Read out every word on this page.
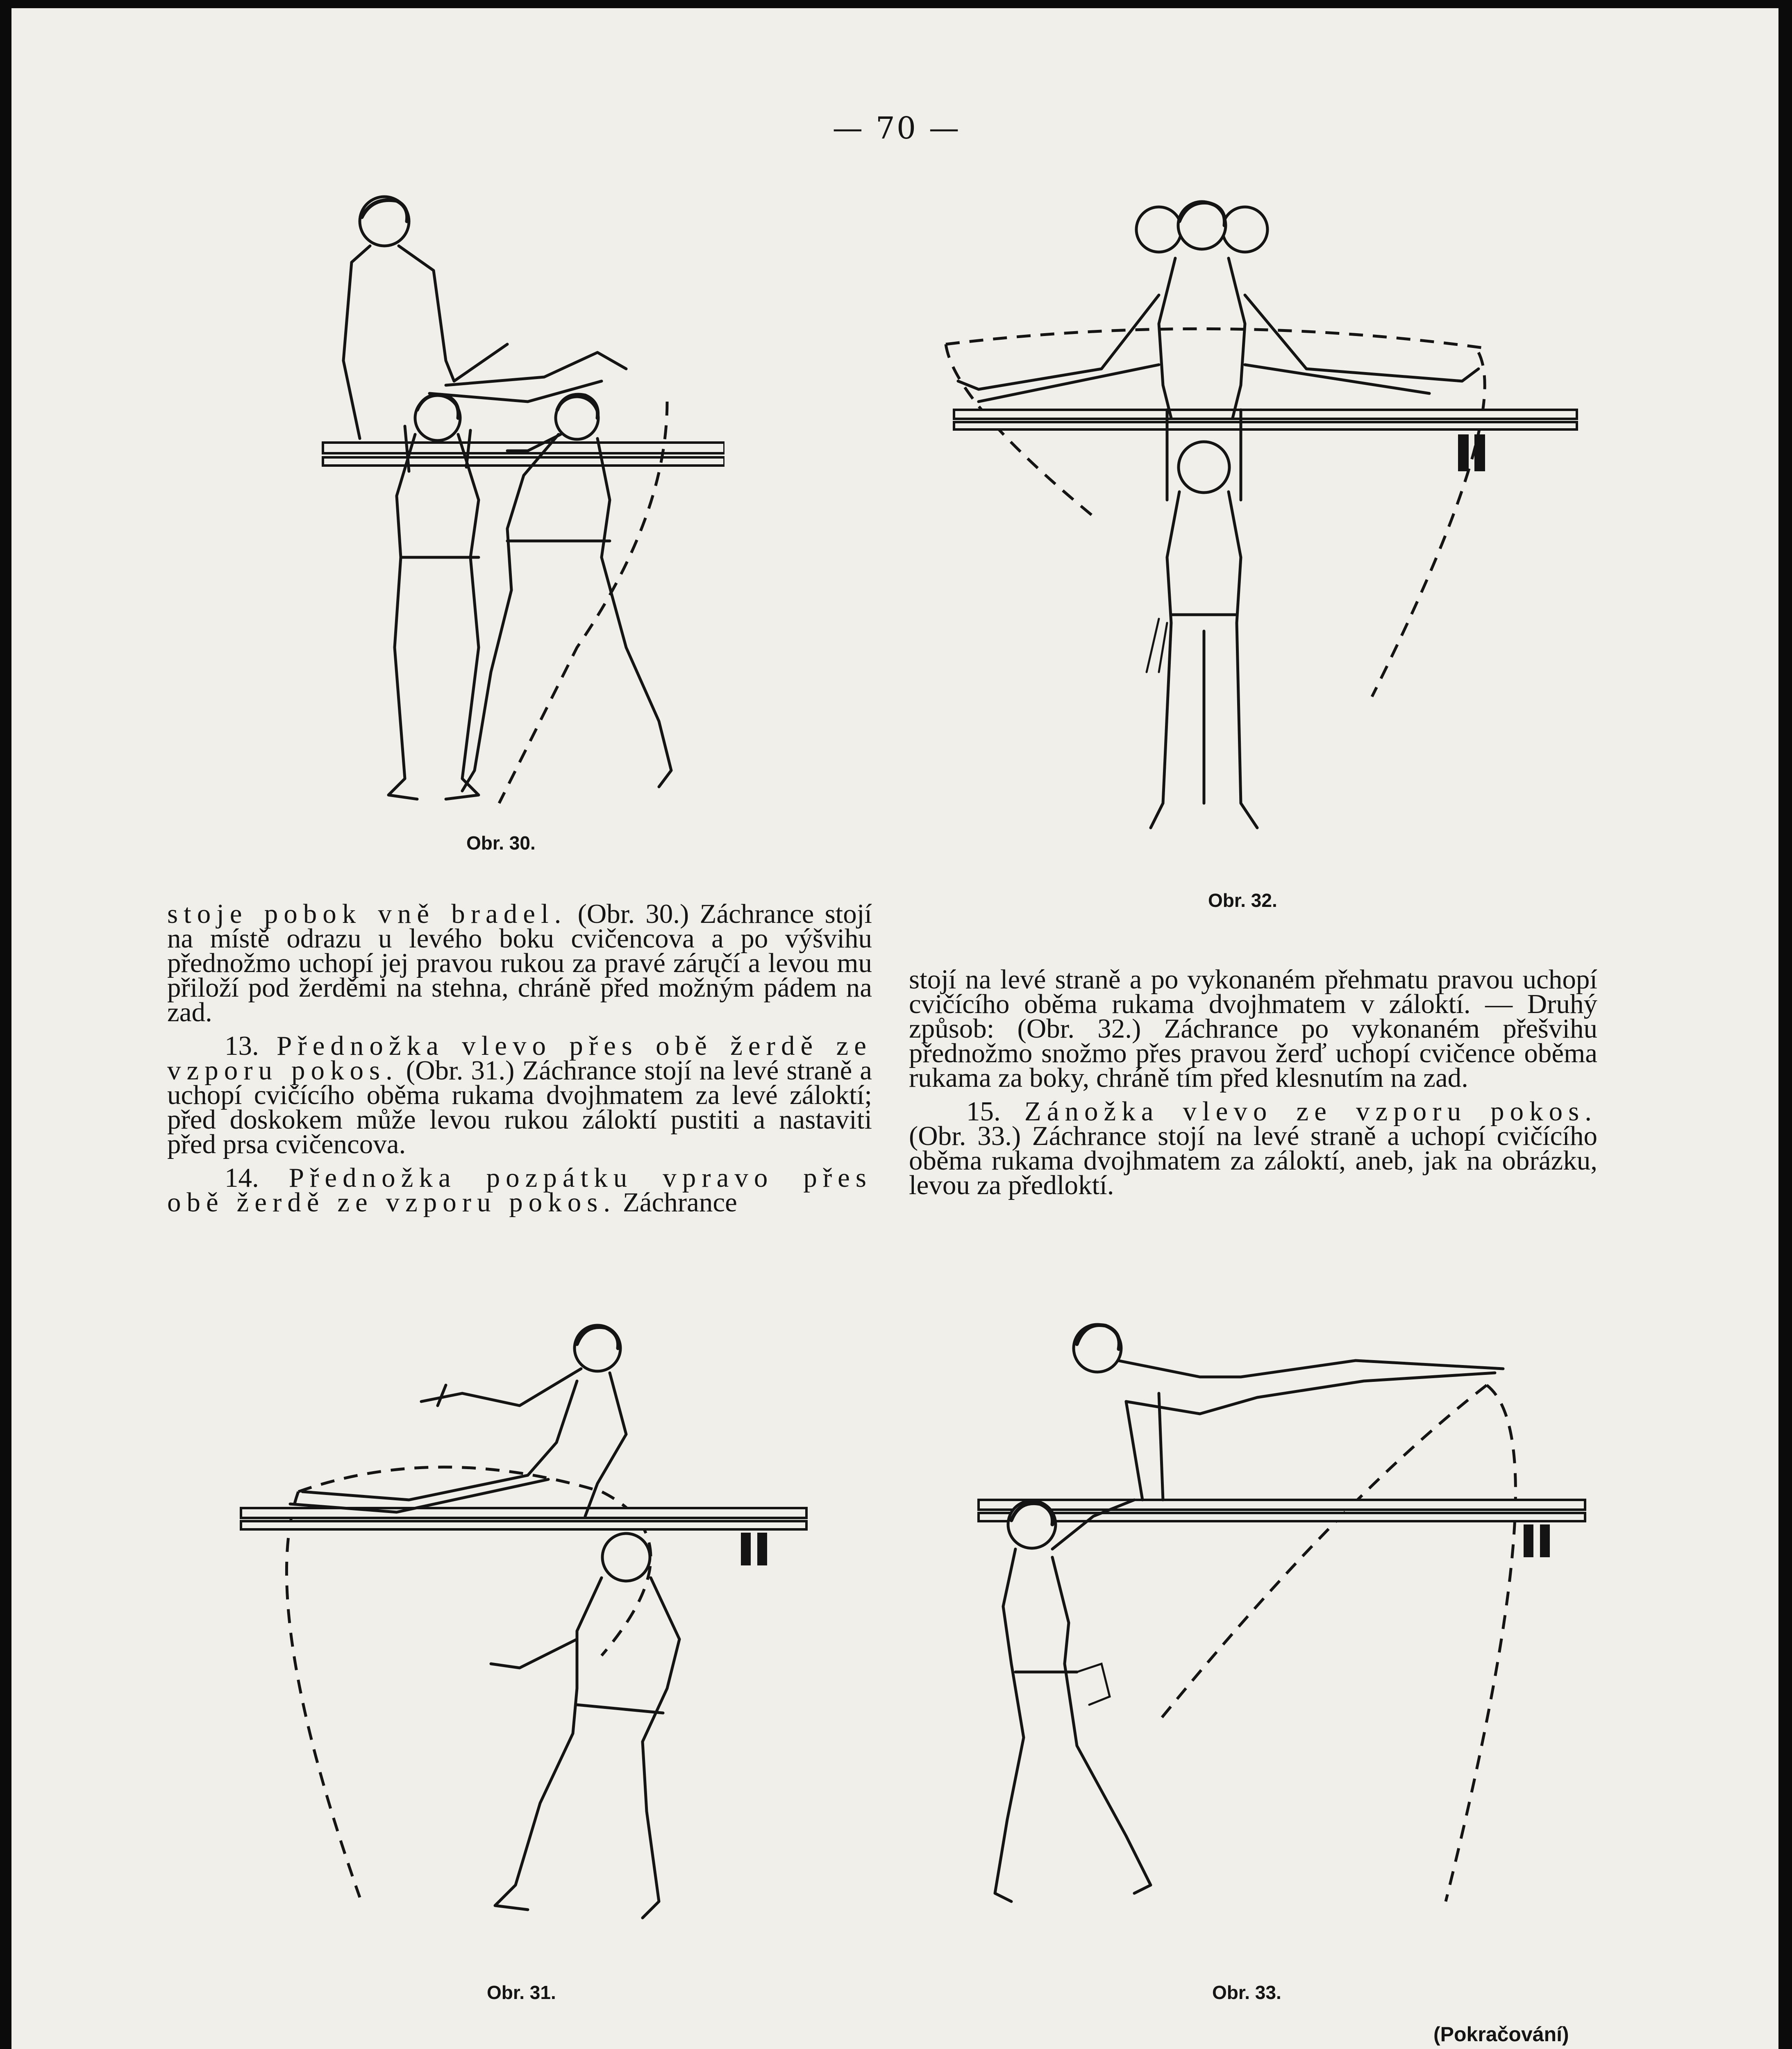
— 70 —
Obr. 30.
Obr. 32.

stoje pobok vně bradel. (Obr. 30.) Záchrance stojí na místě odrazu u levého boku cvičencova a po výšvihu přednožmo uchopí jej pravou rukou za pravé zárųčí a levou mu přiloží pod žerděmi na stehna, chráně před možným pádem na zad.

13. Přednožka vlevo přes obě žerdě ze vzporu pokos. (Obr. 31.) Záchrance stojí na levé straně a uchopí cvičícího oběma rukama dvojhmatem za levé záloktí; před doskokem může levou rukou záloktí pustiti a nastaviti před prsa cvičencova.

14. Přednožka pozpátku vpravo přes obě žerdě ze vzporu pokos. Záchrance

stojí na levé straně a po vykonaném přehmatu pravou uchopí cvičícího oběma rukama dvojhmatem v záloktí. — Druhý způsob: (Obr. 32.) Záchrance po vykonaném přešvihu přednožmo snožmo přes pravou žerď uchopí cvičence oběma rukama za boky, chráně tím před klesnutím na zad.

15. Zánožka vlevo ze vzporu pokos. (Obr. 33.) Záchrance stojí na levé straně a uchopí cvičícího oběma rukama dvojhmatem za záloktí, aneb, jak na obrázku, levou za předloktí.

Obr. 31.	Obr. 33.
(Pokračování)
